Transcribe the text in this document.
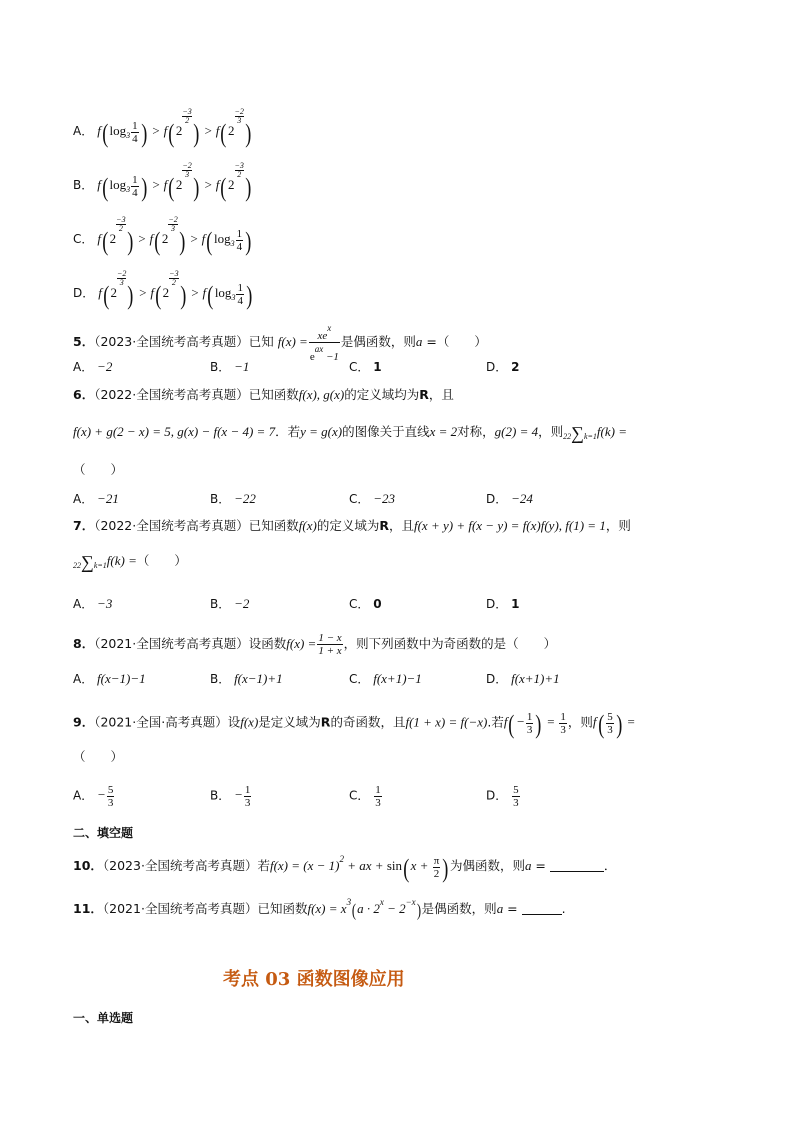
A． $f(\log_3 \frac{1}{4}$ ) > f(2
$\frac{-3}{2}$
) > f(2
$\frac{-2}{3}$
)
B． $f(\log_3 \frac{1}{4}$ ) > f(2
$\frac{-2}{3}$
) > f(2
$\frac{-3}{2}$
)
C． f(2
$\frac{-3}{2}$
) > f(2
$\frac{-2}{3}$
) > $f(\log_3 \frac{1}{4}$ )
D． f(2
$\frac{-2}{3}$
) > f(2
$\frac{-3}{2}$
) > $f(\log_3 \frac{1}{4}$ )
5．（2023·全国统考高考真题）已知 $f(x) = xe^x$
$e^{ax} -1$
是偶函数，则a =（　　）
A． −2	B． −1	C． 1	D． 2
6．（2022·全国统考高考真题）已知函数f(x), g(x)的定义域均为R，且
f(x) + g(2 − x) = 5, g(x) − f(x − 4) = 7．若y = g(x)的图像关于直线x = 2对称，g(2) = 4，则22∑k=1f(k) =
（　　）
A． −21	B． −22	C． −23	D． −24
7．（2022·全国统考高考真题）已知函数f(x)的定义域为R，且f(x + y) + f(x − y) = f(x)f(y), f(1) = 1，则
22∑k=1f(k) =（　　）
A． −3	B． −2	C． 0	D． 1
8．（2021·全国统考高考真题）设函数$f(x) = \frac{1 - x}{1 + x}$ ，则下列函数中为奇函数的是（　　）
A． f(x−1)−1	B． f(x−1)+1	C． f(x+1)−1	D． f(x+1)+1
9．（2021·全国·高考真题）设f(x)是定义域为R的奇函数，且f(1 + x) = f(−x).若$f(- \frac{1}{3}$ ) = $\frac{1}{3}$ ，则$f( \frac{5}{3}$ ) =
（　　）
A． − $\frac{5}{3}$	B． − $\frac{1}{3}$	C． $\frac{1}{3}$	D． $\frac{5}{3}$
二、填空题
10．（2023·全国统考高考真题）若$f(x) = (x - 1)^2$ + ax + $\sin(x + \frac{\pi}{2}$ )为偶函数，则a =	．
11．（2021·全国统考高考真题）已知函数$f(x) = x^3(a \cdot 2^x - 2^{-x})$是偶函数，则a =	.
考点 03 函数图像应用
一、单选题
